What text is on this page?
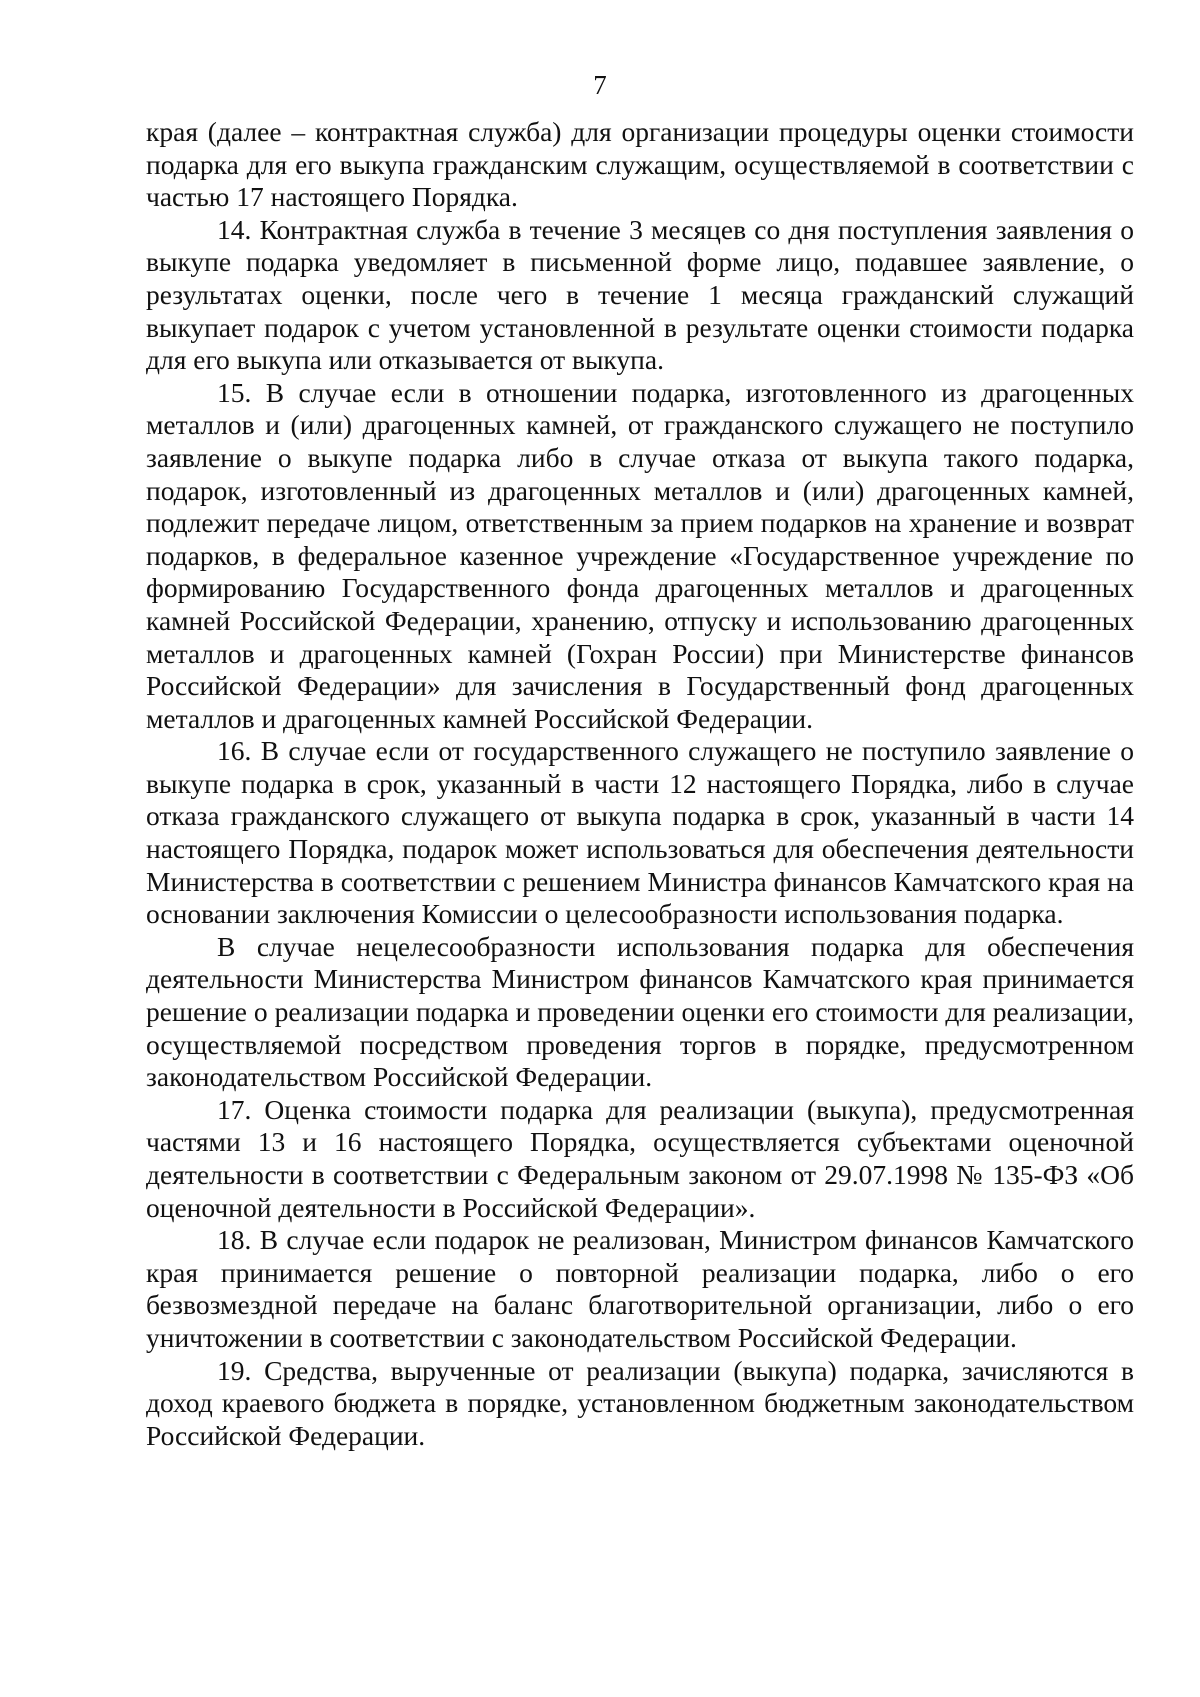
7

края (далее – контрактная служба) для организации процедуры оценки стоимости подарка для его выкупа гражданским служащим, осуществляемой в соответствии с частью 17 настоящего Порядка.

14. Контрактная служба в течение 3 месяцев со дня поступления заявления о выкупе подарка уведомляет в письменной форме лицо, подавшее заявление, о результатах оценки, после чего в течение 1 месяца гражданский служащий выкупает подарок с учетом установленной в результате оценки стоимости подарка для его выкупа или отказывается от выкупа.

15. В случае если в отношении подарка, изготовленного из драгоценных металлов и (или) драгоценных камней, от гражданского служащего не поступило заявление о выкупе подарка либо в случае отказа от выкупа такого подарка, подарок, изготовленный из драгоценных металлов и (или) драгоценных камней, подлежит передаче лицом, ответственным за прием подарков на хранение и возврат подарков, в федеральное казенное учреждение «Государственное учреждение по формированию Государственного фонда драгоценных металлов и драгоценных камней Российской Федерации, хранению, отпуску и использованию драгоценных металлов и драгоценных камней (Гохран России) при Министерстве финансов Российской Федерации» для зачисления в Государственный фонд драгоценных металлов и драгоценных камней Российской Федерации.

16. В случае если от государственного служащего не поступило заявление о выкупе подарка в срок, указанный в части 12 настоящего Порядка, либо в случае отказа гражданского служащего от выкупа подарка в срок, указанный в части 14 настоящего Порядка, подарок может использоваться для обеспечения деятельности Министерства в соответствии с решением Министра финансов Камчатского края на основании заключения Комиссии о целесообразности использования подарка.

В случае нецелесообразности использования подарка для обеспечения деятельности Министерства Министром финансов Камчатского края принимается решение о реализации подарка и проведении оценки его стоимости для реализации, осуществляемой посредством проведения торгов в порядке, предусмотренном законодательством Российской Федерации.

17. Оценка стоимости подарка для реализации (выкупа), предусмотренная частями 13 и 16 настоящего Порядка, осуществляется субъектами оценочной деятельности в соответствии с Федеральным законом от 29.07.1998 № 135-ФЗ «Об оценочной деятельности в Российской Федерации».

18. В случае если подарок не реализован, Министром финансов Камчатского края принимается решение о повторной реализации подарка, либо о его безвозмездной передаче на баланс благотворительной организации, либо о его уничтожении в соответствии с законодательством Российской Федерации.

19. Средства, вырученные от реализации (выкупа) подарка, зачисляются в доход краевого бюджета в порядке, установленном бюджетным законодательством Российской Федерации.
